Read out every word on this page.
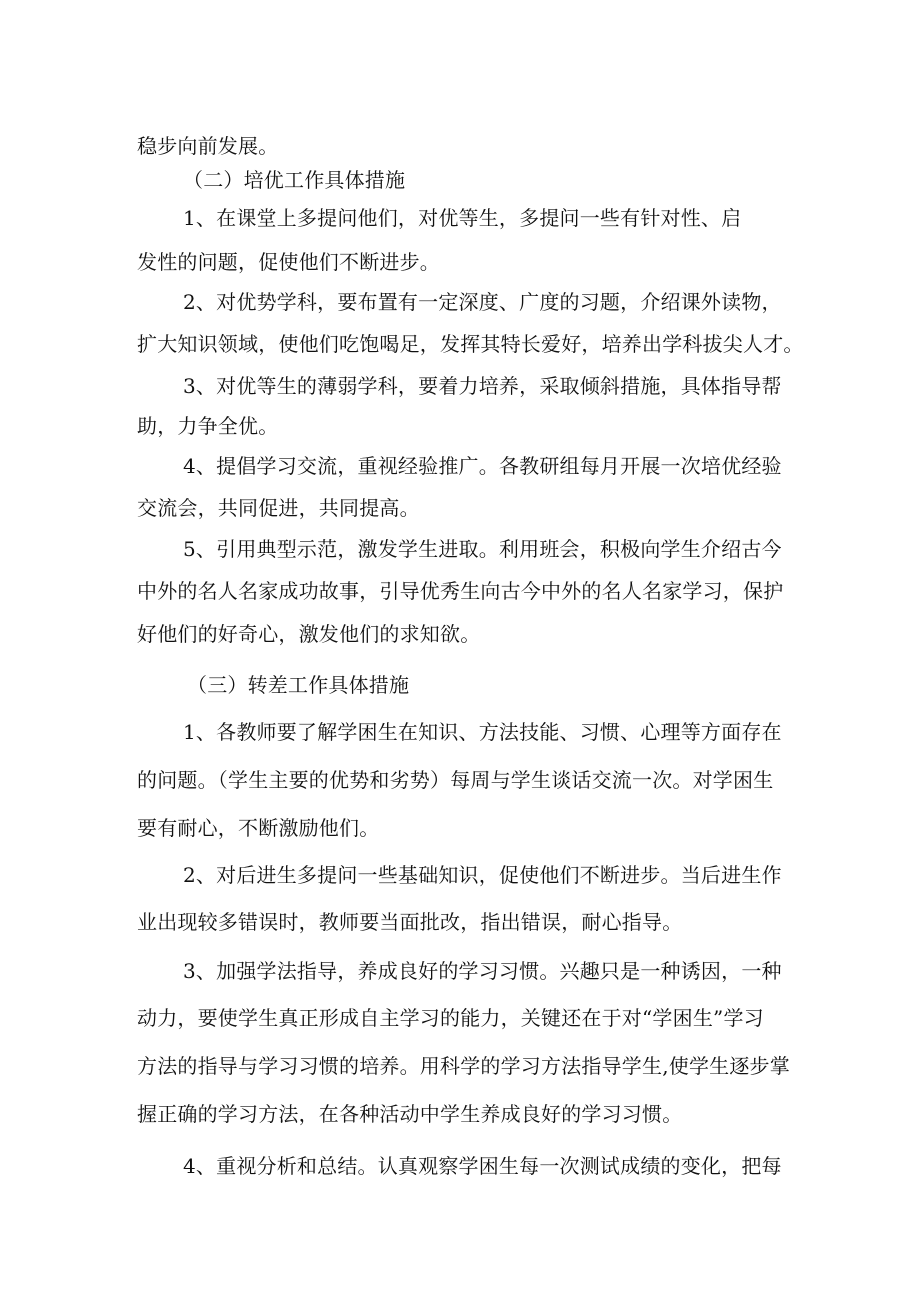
稳步向前发展。
（二）培优工作具体措施
1、在课堂上多提问他们，对优等生，多提问一些有针对性、启
发性的问题，促使他们不断进步。
2、对优势学科，要布置有一定深度、广度的习题，介绍课外读物，
扩大知识领域，使他们吃饱喝足，发挥其特长爱好，培养出学科拔尖人才。
3、对优等生的薄弱学科，要着力培养，采取倾斜措施，具体指导帮
助，力争全优。
4、提倡学习交流，重视经验推广。各教研组每月开展一次培优经验
交流会，共同促进，共同提高。
5、引用典型示范，激发学生进取。利用班会，积极向学生介绍古今
中外的名人名家成功故事，引导优秀生向古今中外的名人名家学习，保护
好他们的好奇心，激发他们的求知欲。
（三）转差工作具体措施
1、各教师要了解学困生在知识、方法技能、习惯、心理等方面存在
的问题。（学生主要的优势和劣势）每周与学生谈话交流一次。对学困生
要有耐心，不断激励他们。
2、对后进生多提问一些基础知识，促使他们不断进步。当后进生作
业出现较多错误时，教师要当面批改，指出错误，耐心指导。
3、加强学法指导，养成良好的学习习惯。兴趣只是一种诱因，一种
动力，要使学生真正形成自主学习的能力，关键还在于对“学困生”学习
方法的指导与学习习惯的培养。用科学的学习方法指导学生,使学生逐步掌
握正确的学习方法，在各种活动中学生养成良好的学习习惯。
4、重视分析和总结。认真观察学困生每一次测试成绩的变化，把每
